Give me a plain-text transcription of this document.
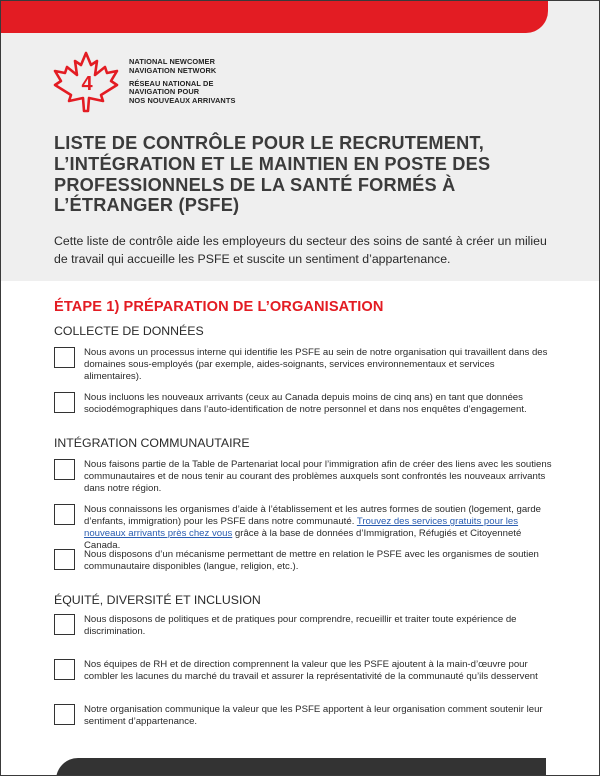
4
NATIONAL NEWCOMER
NAVIGATION NETWORK
RÉSEAU NATIONAL DE
NAVIGATION POUR
NOS NOUVEAUX ARRIVANTS
LISTE DE CONTRÔLE POUR LE RECRUTEMENT,
L’INTÉGRATION ET LE MAINTIEN EN POSTE DES
PROFESSIONNELS DE LA SANTÉ FORMÉS À
L’ÉTRANGER (PSFE)
Cette liste de contrôle aide les employeurs du secteur des soins de santé à créer un milieu de travail qui accueille les PSFE et suscite un sentiment d’appartenance.
ÉTAPE 1) PRÉPARATION DE L’ORGANISATION
COLLECTE DE DONNÉES
Nous avons un processus interne qui identifie les PSFE au sein de notre organisation qui travaillent dans des domaines sous-employés (par exemple, aides-soignants, services environnementaux et services alimentaires).
Nous incluons les nouveaux arrivants (ceux au Canada depuis moins de cinq ans) en tant que données sociodémographiques dans l’auto-identification de notre personnel et dans nos enquêtes d’engagement.
INTÉGRATION COMMUNAUTAIRE
Nous faisons partie de la Table de Partenariat local pour l’immigration afin de créer des liens avec les soutiens communautaires et de nous tenir au courant des problèmes auxquels sont confrontés les nouveaux arrivants dans notre région.
Nous connaissons les organismes d’aide à l’établissement et les autres formes de soutien (logement, garde d’enfants, immigration) pour les PSFE dans notre communauté. Trouvez des services gratuits pour les nouveaux arrivants près chez vous grâce à la base de données d’Immigration, Réfugiés et Citoyenneté Canada.
Nous disposons d’un mécanisme permettant de mettre en relation le PSFE avec les organismes de soutien communautaire disponibles (langue, religion, etc.).
ÉQUITÉ, DIVERSITÉ ET INCLUSION
Nous disposons de politiques et de pratiques pour comprendre, recueillir et traiter toute expérience de discrimination.
Nos équipes de RH et de direction comprennent la valeur que les PSFE ajoutent à la main-d’œuvre pour combler les lacunes du marché du travail et assurer la représentativité de la communauté qu’ils desservent
Notre organisation communique la valeur que les PSFE apportent à leur organisation comment soutenir leur sentiment d’appartenance.
